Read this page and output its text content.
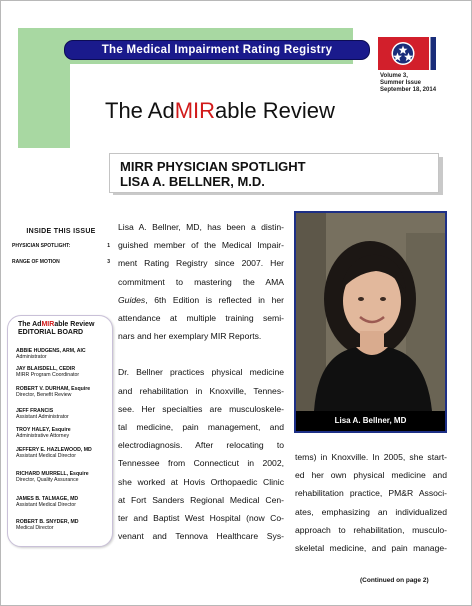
The Medical Impairment Rating Registry
Volume 3,
Summer Issue
September 18, 2014
The AdMIRable Review
MIRR PHYSICIAN SPOTLIGHT
LISA A. BELLNER, M.D.
INSIDE THIS ISSUE
PHYSICIAN SPOTLIGHT:	1
RANGE OF MOTION	3
The AdMIRable Review
EDITORIAL BOARD
ABBIE HUDGENS, ARM, AIC
Administrator
JAY BLAISDELL, CEDIR
MIRR Program Coordinator
ROBERT V. DURHAM, Esquire
Director, Benefit Review
JEFF FRANCIS
Assistant Administrator
TROY HALEY, Esquire
Administrative Attorney
JEFFERY E. HAZLEWOOD, MD
Assistant Medical Director
RICHARD MURRELL, Esquire
Director, Quality Assurance
JAMES B. TALMAGE, MD
Assistant Medical Director
ROBERT B. SNYDER, MD
Medical Director
Lisa A. Bellner, MD, has been a distin-
guished member of the Medical Impair-
ment Rating Registry since 2007. Her
commitment to mastering the AMA
Guides, 6th Edition is reflected in her
attendance at multiple training semi-
nars and her exemplary MIR Reports.
Dr. Bellner practices physical medicine
and rehabilitation in Knoxville, Tennes-
see. Her specialties are musculoskele-
tal medicine, pain management, and
electrodiagnosis. After relocating to
Tennessee from Connecticut in 2002,
she worked at Hovis Orthopaedic Clinic
at Fort Sanders Regional Medical Cen-
ter and Baptist West Hospital (now Co-
venant and Tennova Healthcare Sys-
Lisa A. Bellner, MD
tems) in Knoxville. In 2005, she start-
ed her own physical medicine and
rehabilitation practice, PM&R Associ-
ates, emphasizing an individualized
approach to rehabilitation, musculo-
skeletal medicine, and pain manage-
(Continued on page 2)
